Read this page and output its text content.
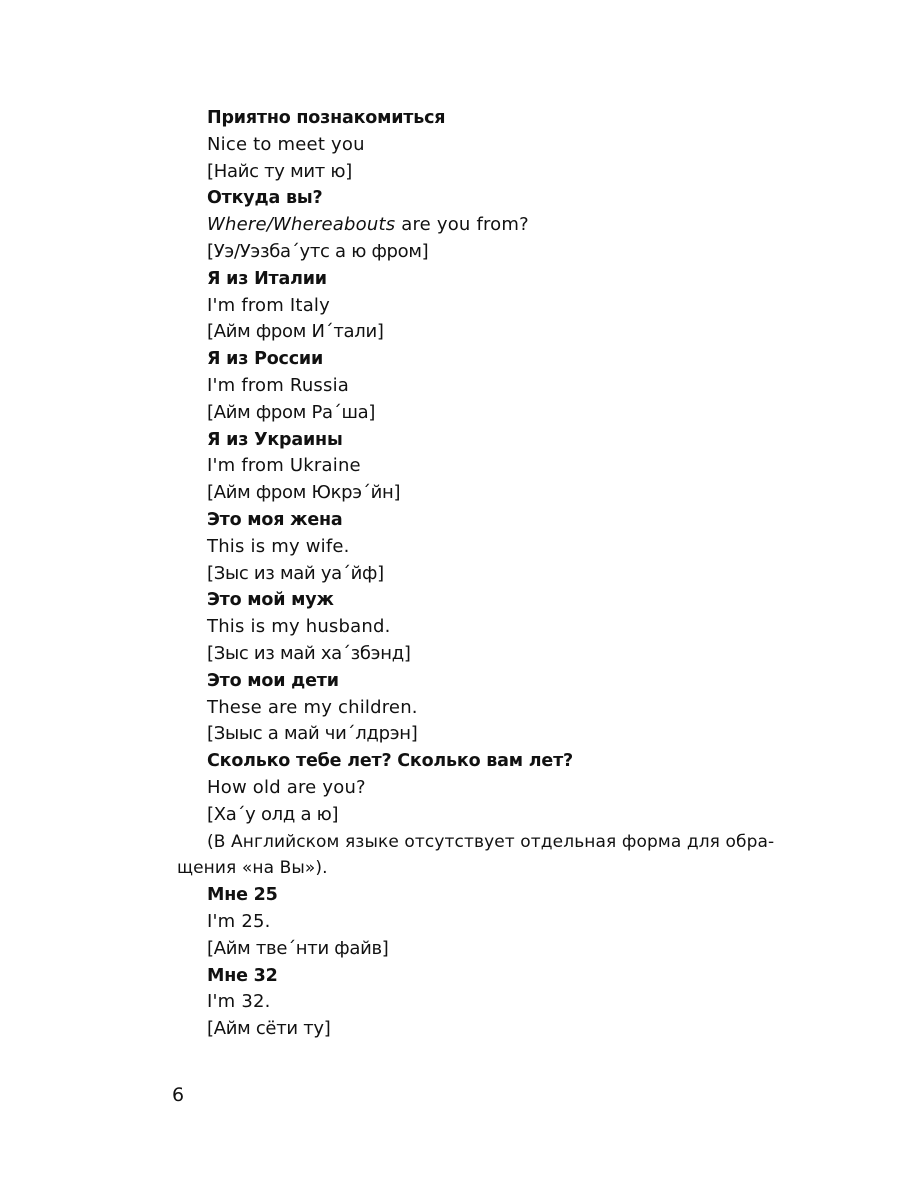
Приятно познакомиться
Nice to meet you
[Найс ту мит ю]
Откуда вы?
Where/Whereabouts are you from?
[Уэ/Уэзба´утс а ю фром]
Я из Италии
I'm from Italy
[Айм фром И´тали]
Я из России
I'm from Russia
[Айм фром Ра´ша]
Я из Украины
I'm from Ukraine
[Айм фром Юкрэ´йн]
Это моя жена
This is my wife.
[Зыс из май уа´йф]
Это мой муж
This is my husband.
[Зыс из май ха´збэнд]
Это мои дети
These are my children.
[Зыыс а май чи´лдрэн]
Сколько тебе лет? Сколько вам лет?
How old are you?
[Ха´у олд а ю]
(В Английском языке отсутствует отдельная форма для обра-
щения «на Вы»).
Мне 25
I'm 25.
[Айм тве´нти файв]
Мне 32
I'm 32.
[Айм сёти ту]
6
